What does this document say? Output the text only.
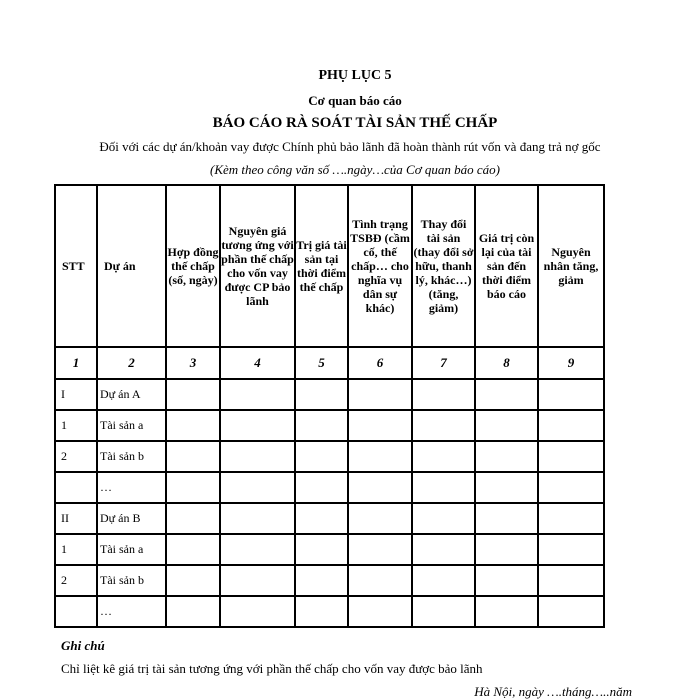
PHỤ LỤC 5
Cơ quan báo cáo
BÁO CÁO RÀ SOÁT TÀI SẢN THẾ CHẤP
Đối với các dự án/khoản vay được Chính phủ bảo lãnh đã hoàn thành rút vốn và đang trả nợ gốc
(Kèm theo công văn số ….ngày…của Cơ quan báo cáo)
STT	Dự án	Hợp đồng thế chấp (số, ngày)	Nguyên giá tương ứng với phần thế chấp cho vốn vay được CP bảo lãnh	Trị giá tài sản tại thời điểm thế chấp	Tình trạng TSBĐ (cầm cố, thế chấp… cho nghĩa vụ dân sự khác)	Thay đổi tài sản (thay đổi sở hữu, thanh lý, khác…) (tăng, giảm)	Giá trị còn lại của tài sản đến thời điểm báo cáo	Nguyên nhân tăng, giảm
1	2	3	4	5	6	7	8	9
I	Dự án A							
1	Tài sản a							
2	Tài sản b							
	…							
II	Dự án B							
1	Tài sản a							
2	Tài sản b							
	…							
Ghi chú
Chỉ liệt kê giá trị tài sản tương ứng với phần thế chấp cho vốn vay được bảo lãnh
Hà Nội, ngày ….tháng…..năm
